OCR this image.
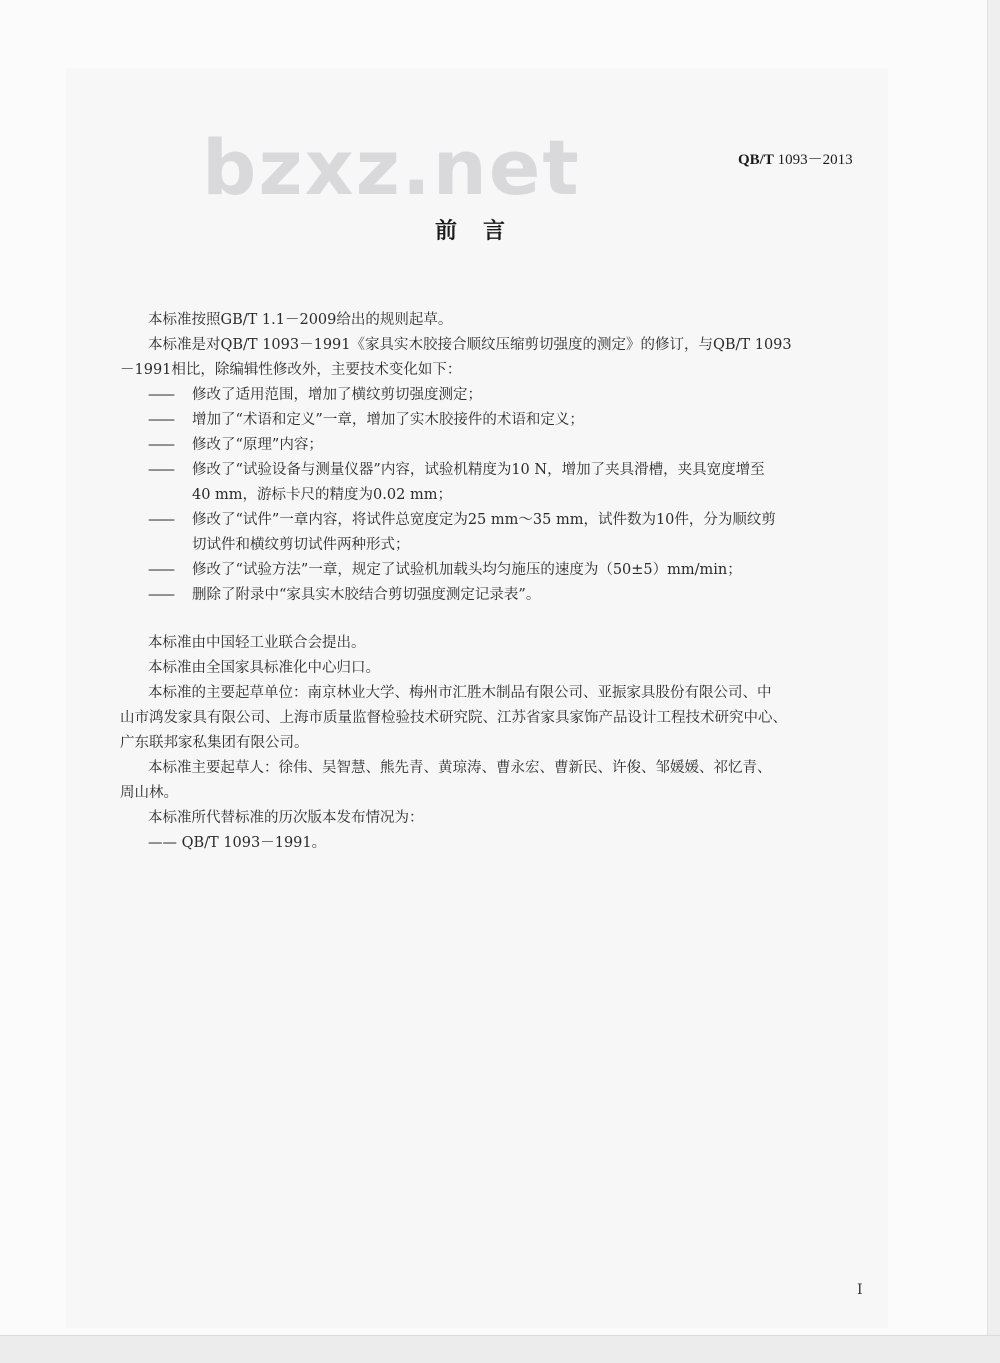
bzxz.net	QB/T 1093－2013
前言
本标准按照GB/T 1.1－2009给出的规则起草。
本标准是对QB/T 1093－1991《家具实木胶接合顺纹压缩剪切强度的测定》的修订，与QB/T 1093
－1991相比，除编辑性修改外，主要技术变化如下：
——	修改了适用范围，增加了横纹剪切强度测定；
——	增加了“术语和定义”一章，增加了实木胶接件的术语和定义；
——	修改了“原理”内容；
——	修改了“试验设备与测量仪器”内容，试验机精度为10 N，增加了夹具滑槽，夹具宽度增至
40 mm，游标卡尺的精度为0.02 mm；
——	修改了“试件”一章内容，将试件总宽度定为25 mm～35 mm，试件数为10件，分为顺纹剪
切试件和横纹剪切试件两种形式；
——	修改了“试验方法”一章，规定了试验机加载头均匀施压的速度为（50±5）mm/min；
——	删除了附录中“家具实木胶结合剪切强度测定记录表”。
本标准由中国轻工业联合会提出。
本标准由全国家具标准化中心归口。
本标准的主要起草单位：南京林业大学、梅州市汇胜木制品有限公司、亚振家具股份有限公司、中
山市鸿发家具有限公司、上海市质量监督检验技术研究院、江苏省家具家饰产品设计工程技术研究中心、
广东联邦家私集团有限公司。
本标准主要起草人：徐伟、吴智慧、熊先青、黄琼涛、曹永宏、曹新民、许俊、邹媛媛、祁忆青、
周山林。
本标准所代替标准的历次版本发布情况为：
—— QB/T 1093－1991。
I
